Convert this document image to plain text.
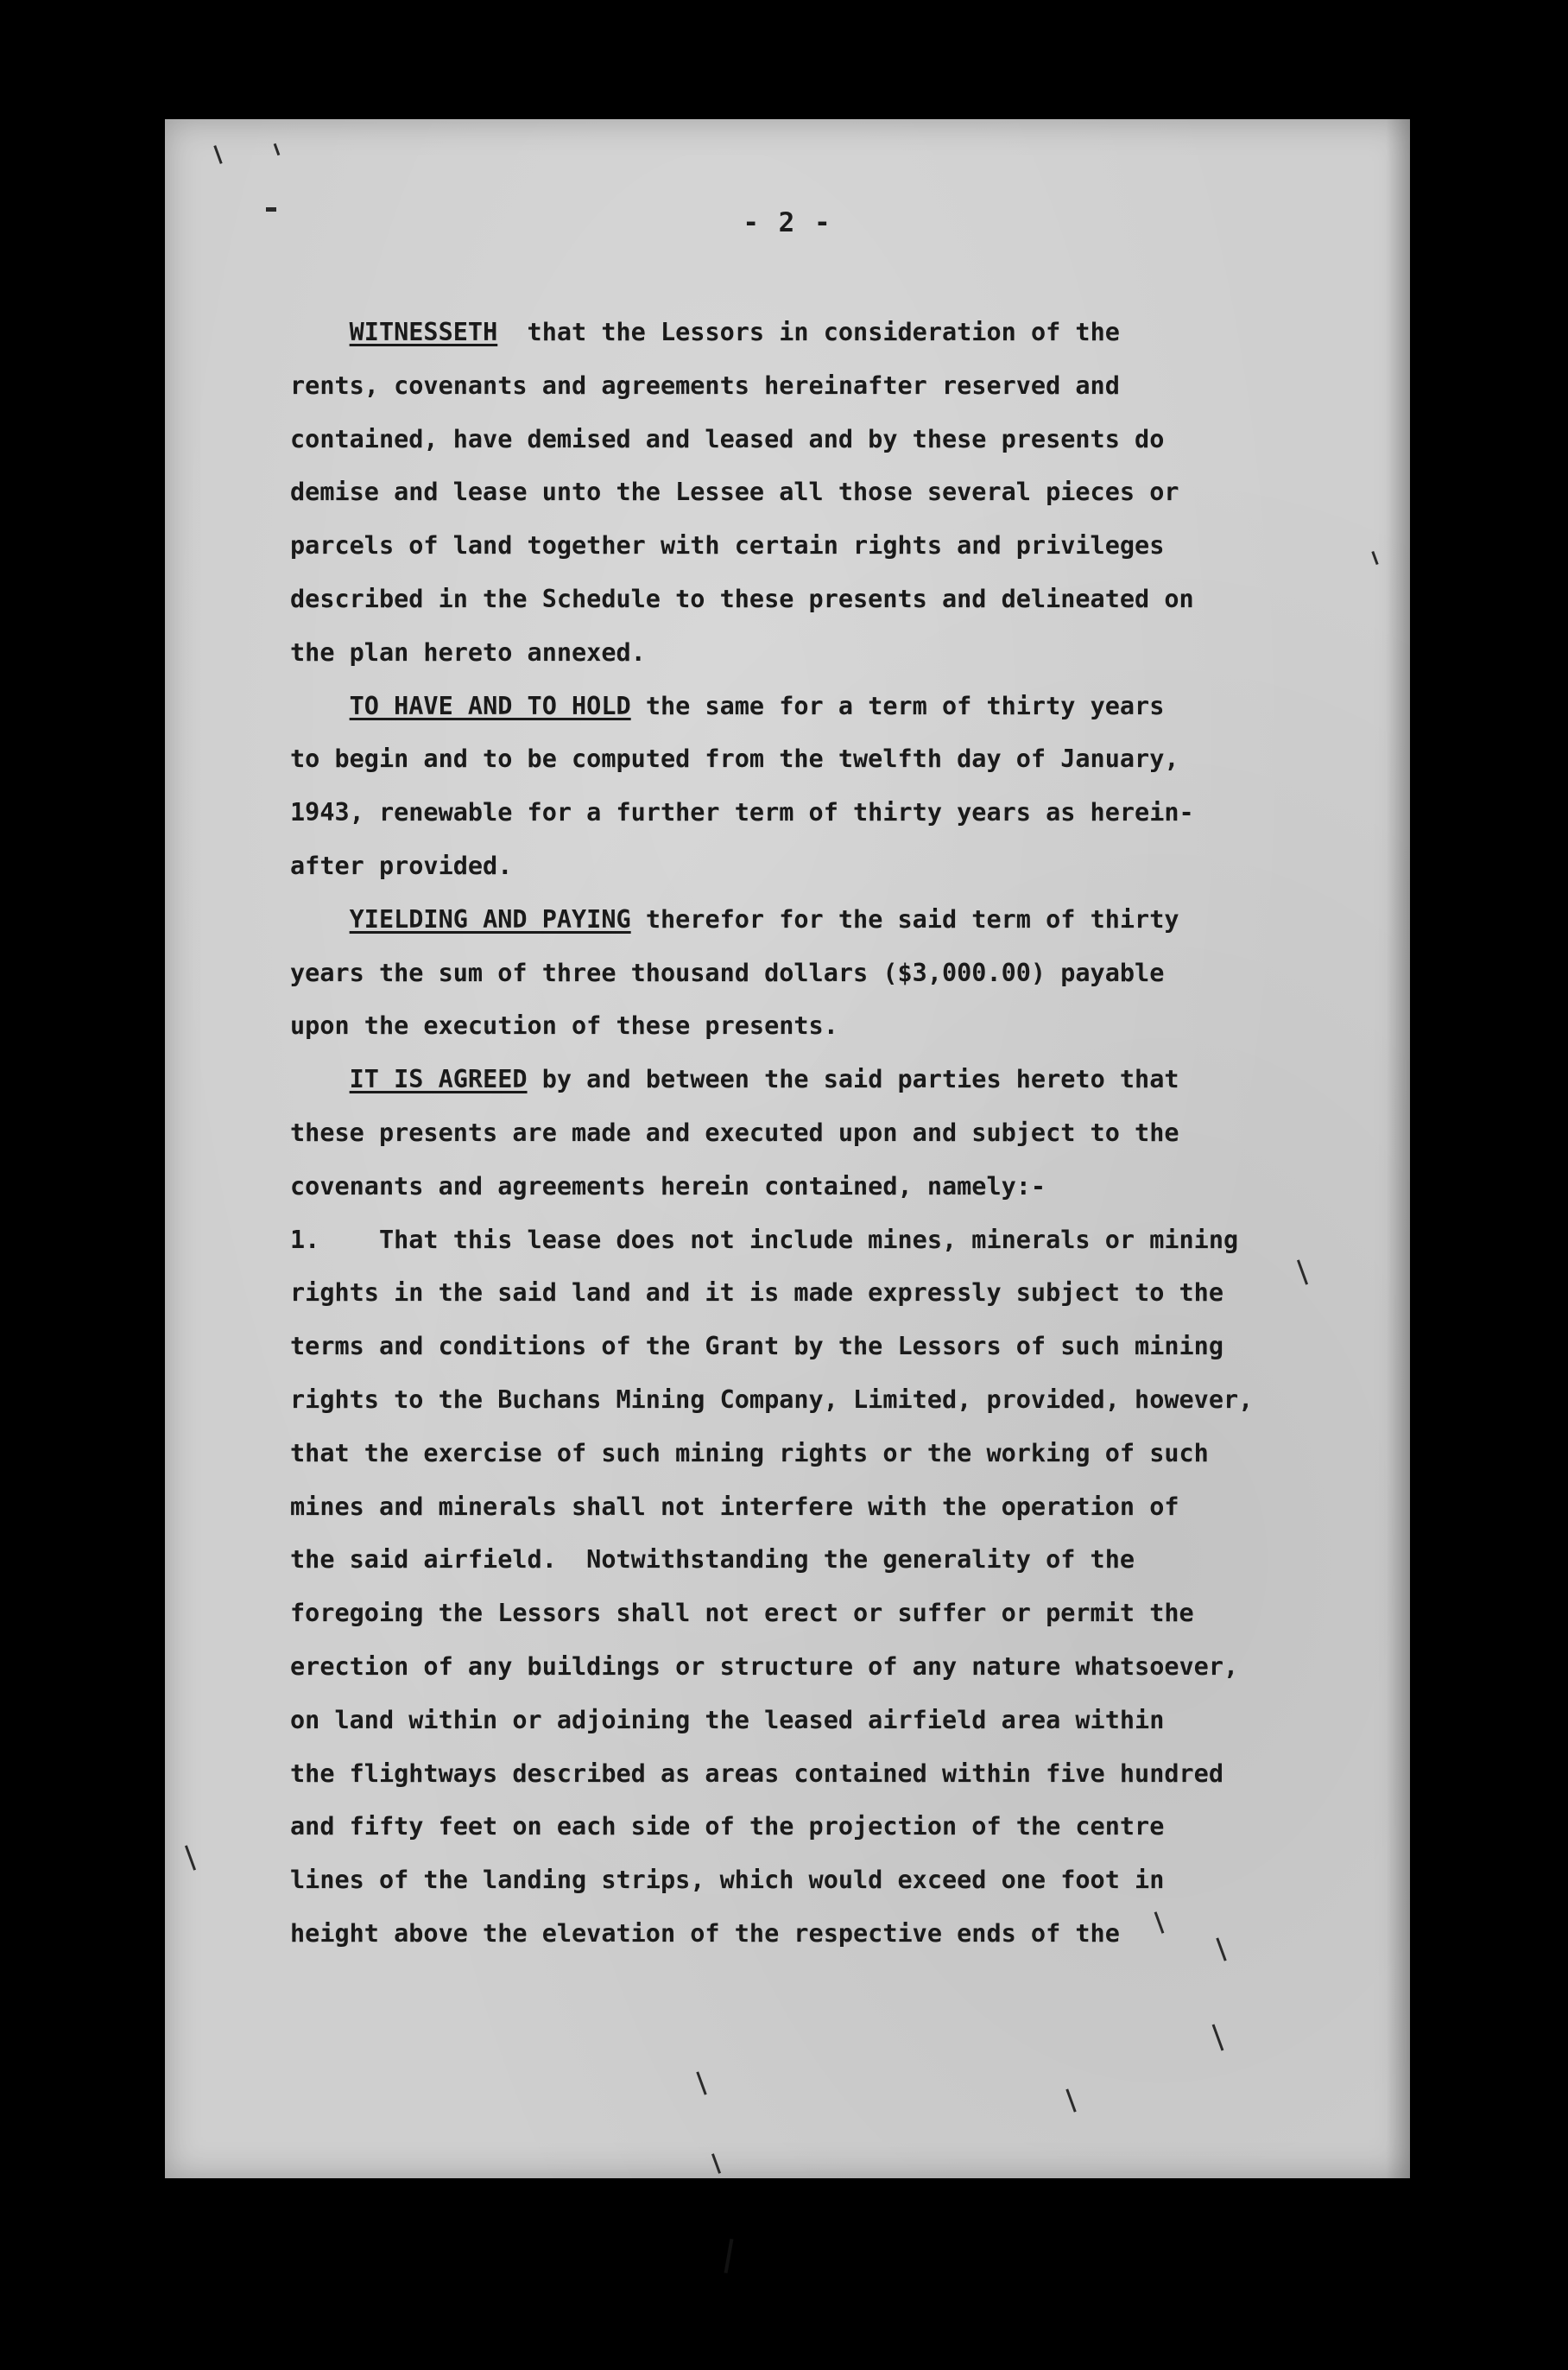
- 2 -
WITNESSETH  that the Lessors in consideration of the
rents, covenants and agreements hereinafter reserved and
contained, have demised and leased and by these presents do
demise and lease unto the Lessee all those several pieces or
parcels of land together with certain rights and privileges
described in the Schedule to these presents and delineated on
the plan hereto annexed.
TO HAVE AND TO HOLD the same for a term of thirty years
to begin and to be computed from the twelfth day of January,
1943, renewable for a further term of thirty years as herein-
after provided.
YIELDING AND PAYING therefor for the said term of thirty
years the sum of three thousand dollars ($3,000.00) payable
upon the execution of these presents.
IT IS AGREED by and between the said parties hereto that
these presents are made and executed upon and subject to the
covenants and agreements herein contained, namely:-
1.    That this lease does not include mines, minerals or mining
rights in the said land and it is made expressly subject to the
terms and conditions of the Grant by the Lessors of such mining
rights to the Buchans Mining Company, Limited, provided, however,
that the exercise of such mining rights or the working of such
mines and minerals shall not interfere with the operation of
the said airfield.  Notwithstanding the generality of the
foregoing the Lessors shall not erect or suffer or permit the
erection of any buildings or structure of any nature whatsoever,
on land within or adjoining the leased airfield area within
the flightways described as areas contained within five hundred
and fifty feet on each side of the projection of the centre
lines of the landing strips, which would exceed one foot in
height above the elevation of the respective ends of the
